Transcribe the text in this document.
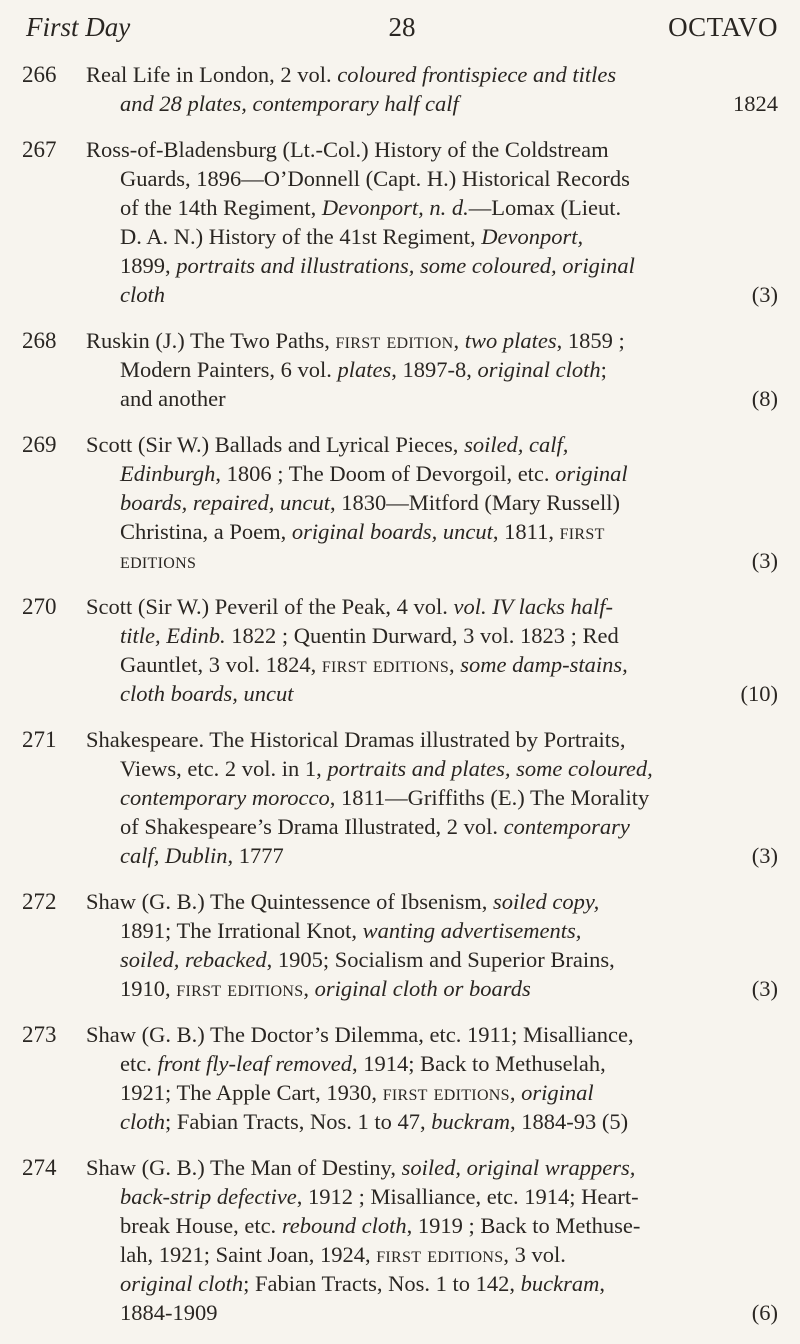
First Day	28	OCTAVO
266 Real Life in London, 2 vol. coloured frontispiece and titles
and 28 plates, contemporary half calf	1824
267 Ross-of-Bladensburg (Lt.-Col.) History of the Coldstream
Guards, 1896—O’Donnell (Capt. H.) Historical Records
of the 14th Regiment, Devonport, n. d.—Lomax (Lieut.
D. A. N.) History of the 41st Regiment, Devonport,
1899, portraits and illustrations, some coloured, original
cloth	(3)
268 Ruskin (J.) The Two Paths, first edition, two plates, 1859 ;
Modern Painters, 6 vol. plates, 1897-8, original cloth;
and another	(8)
269 Scott (Sir W.) Ballads and Lyrical Pieces, soiled, calf,
Edinburgh, 1806 ; The Doom of Devorgoil, etc. original
boards, repaired, uncut, 1830—Mitford (Mary Russell)
Christina, a Poem, original boards, uncut, 1811, first
editions	(3)
270 Scott (Sir W.) Peveril of the Peak, 4 vol. vol. IV lacks half-
title, Edinb. 1822 ; Quentin Durward, 3 vol. 1823 ; Red
Gauntlet, 3 vol. 1824, first editions, some damp-stains,
cloth boards, uncut	(10)
271 Shakespeare. The Historical Dramas illustrated by Portraits,
Views, etc. 2 vol. in 1, portraits and plates, some coloured,
contemporary morocco, 1811—Griffiths (E.) The Morality
of Shakespeare’s Drama Illustrated, 2 vol. contemporary
calf, Dublin, 1777	(3)
272 Shaw (G. B.) The Quintessence of Ibsenism, soiled copy,
1891; The Irrational Knot, wanting advertisements,
soiled, rebacked, 1905; Socialism and Superior Brains,
1910, first editions, original cloth or boards	(3)
273 Shaw (G. B.) The Doctor’s Dilemma, etc. 1911; Misalliance,
etc. front fly-leaf removed, 1914; Back to Methuselah,
1921; The Apple Cart, 1930, first editions, original
cloth; Fabian Tracts, Nos. 1 to 47, buckram, 1884-93 (5)
274 Shaw (G. B.) The Man of Destiny, soiled, original wrappers,
back-strip defective, 1912 ; Misalliance, etc. 1914; Heart-
break House, etc. rebound cloth, 1919 ; Back to Methuse-
lah, 1921; Saint Joan, 1924, first editions, 3 vol.
original cloth; Fabian Tracts, Nos. 1 to 142, buckram,
1884-1909	(6)
